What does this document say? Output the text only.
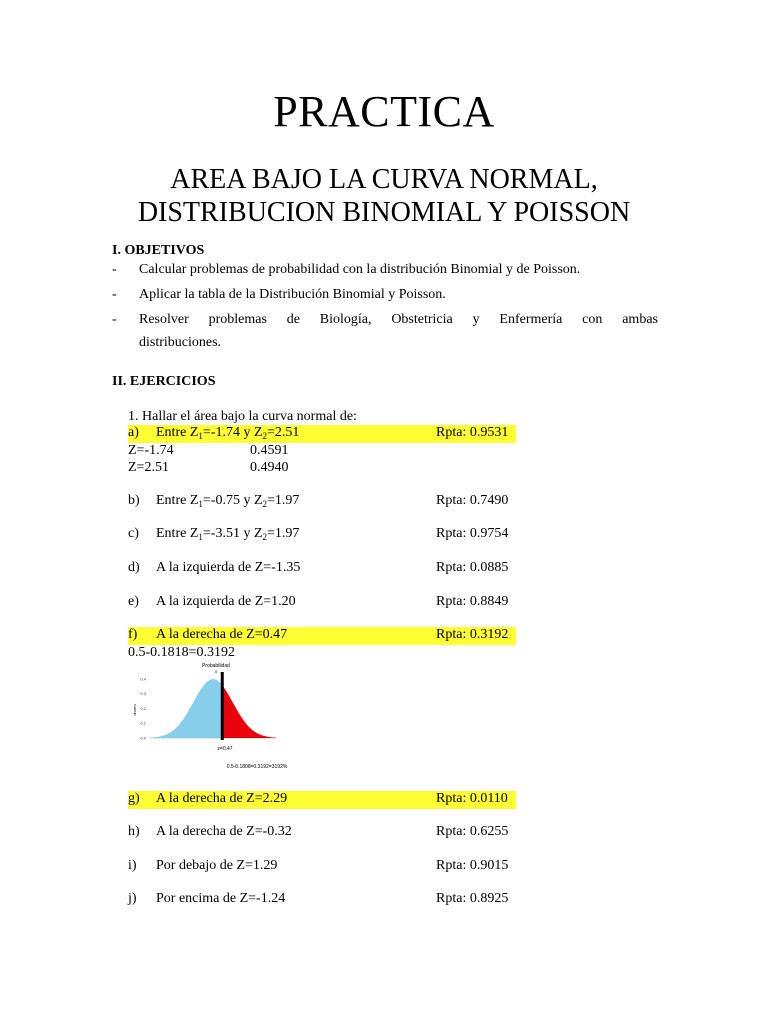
PRACTICA
AREA BAJO LA CURVA NORMAL,
DISTRIBUCION BINOMIAL Y POISSON
I. OBJETIVOS
- Calcular problemas de probabilidad con la distribución Binomial y de Poisson.
- Aplicar la tabla de la Distribución Binomial y Poisson.
- Resolver problemas de Biología, Obstetricia y Enfermería con ambas
distribuciones.
II. EJERCICIOS
1. Hallar el área bajo la curva normal de:
a) Entre $Z_1=-1.74$ y $Z_2=2.51$	Rpta: 0.9531
Z=-1.74	0.4591
Z=2.51	0.4940
b) Entre $Z_1=-0.75$ y $Z_2=1.97$	Rpta: 0.7490
c) Entre $Z_1=-3.51$ y $Z_2=1.97$	Rpta: 0.9754
d) A la izquierda de Z=-1.35	Rpta: 0.0885
e) A la izquierda de Z=1.20	Rpta: 0.8849
f) A la derecha de Z=0.47	Rpta: 0.3192
0.5-0.1818=0.3192
Probabilidad
0
dnorm
0.4
0.3
0.2
0.1
0.0
z=0.47
0.5-0.1808=0.3192=3192%
g) A la derecha de Z=2.29	Rpta: 0.0110
h) A la derecha de Z=-0.32	Rpta: 0.6255
i) Por debajo de Z=1.29	Rpta: 0.9015
j) Por encima de Z=-1.24	Rpta: 0.8925
